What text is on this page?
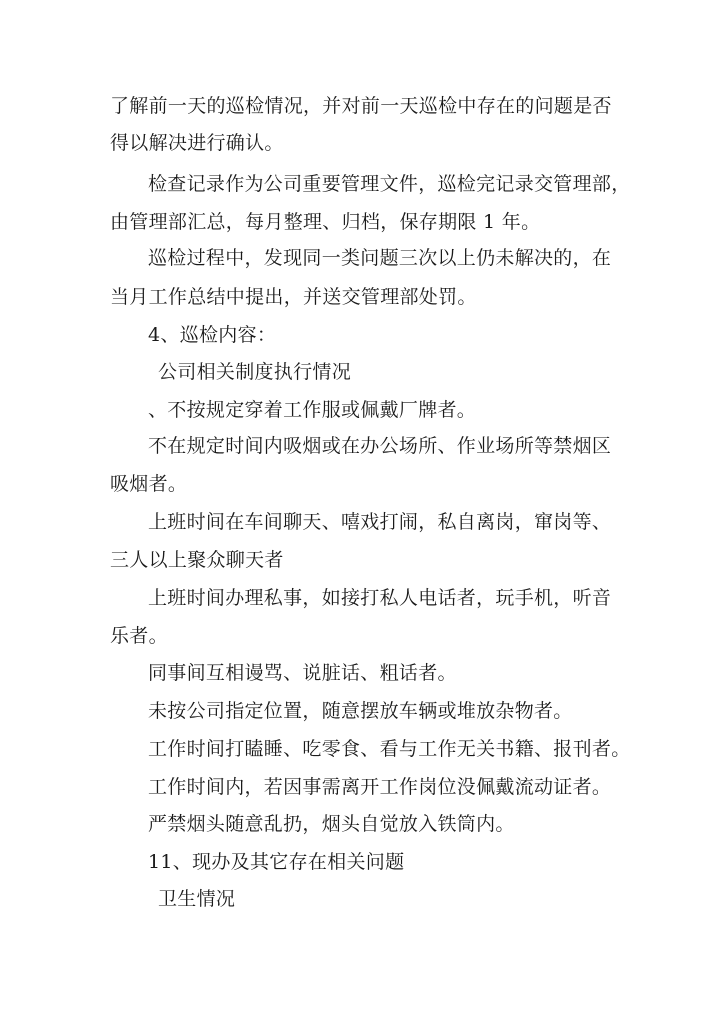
了解前一天的巡检情况，并对前一天巡检中存在的问题是否
得以解决进行确认。
检查记录作为公司重要管理文件，巡检完记录交管理部，
由管理部汇总，每月整理、归档，保存期限 1 年。
巡检过程中，发现同一类问题三次以上仍未解决的，在
当月工作总结中提出，并送交管理部处罚。
4、巡检内容：
公司相关制度执行情况
、不按规定穿着工作服或佩戴厂牌者。
不在规定时间内吸烟或在办公场所、作业场所等禁烟区
吸烟者。
上班时间在车间聊天、嘻戏打闹，私自离岗，窜岗等、
三人以上聚众聊天者
上班时间办理私事，如接打私人电话者，玩手机，听音
乐者。
同事间互相谩骂、说脏话、粗话者。
未按公司指定位置，随意摆放车辆或堆放杂物者。
工作时间打瞌睡、吃零食、看与工作无关书籍、报刊者。
工作时间内，若因事需离开工作岗位没佩戴流动证者。
严禁烟头随意乱扔，烟头自觉放入铁筒内。
11、现办及其它存在相关问题
卫生情况
